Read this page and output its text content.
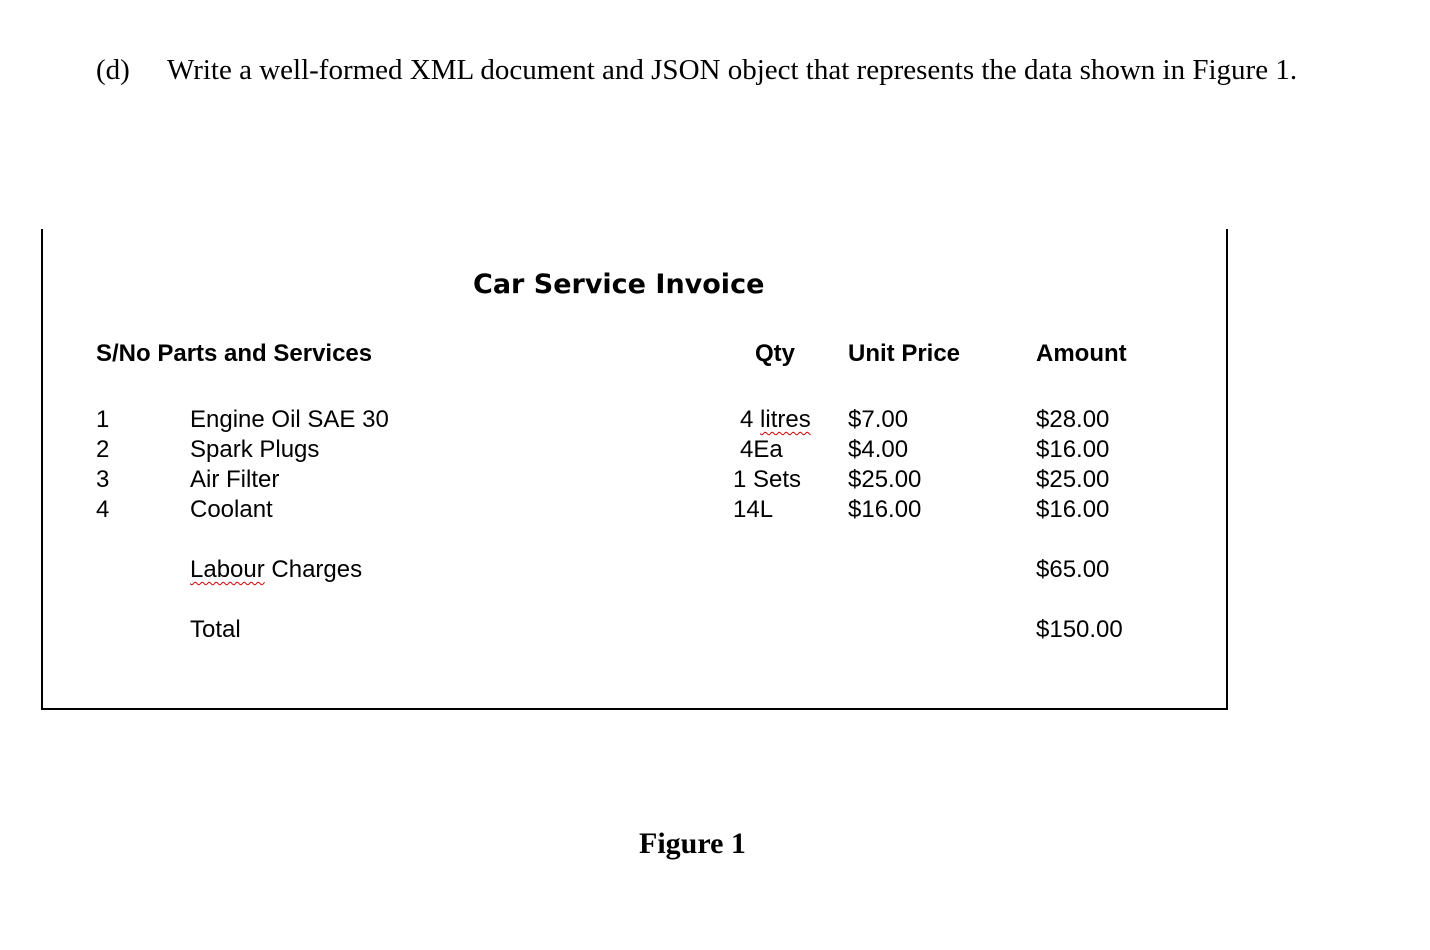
(d) Write a well-formed XML document and JSON object that represents the data shown in Figure 1.
Car Service Invoice
S/No Parts and Services	Qty Unit Price	Amount
1	Engine Oil SAE 30	4 litres $7.00	$28.00
2	Spark Plugs	4Ea	$4.00	$16.00
3	Air Filter	1 Sets $25.00	$25.00
4	Coolant	14L	$16.00	$16.00
Labour Charges	$65.00
Total	$150.00
Figure 1
